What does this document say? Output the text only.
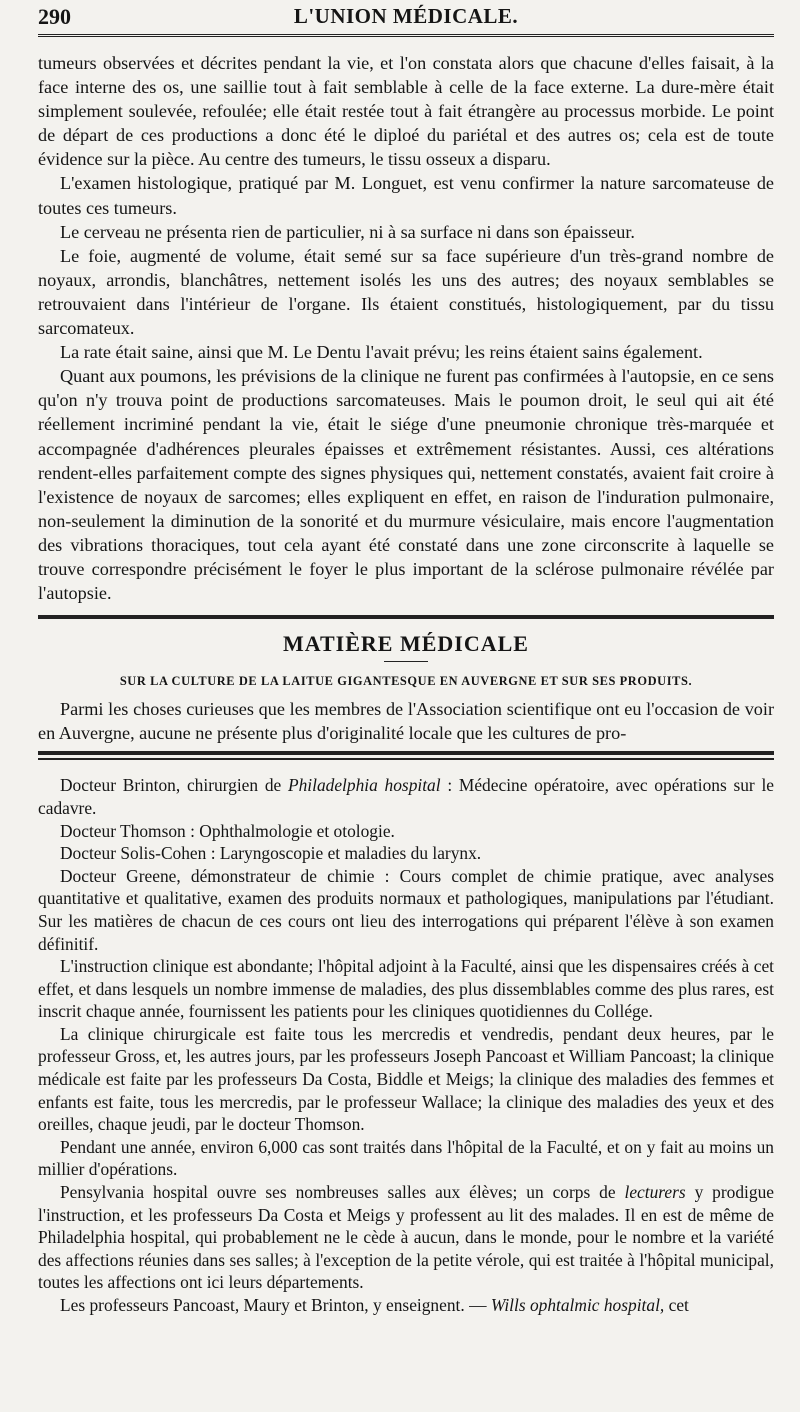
290	L'UNION MÉDICALE.

tumeurs observées et décrites pendant la vie, et l'on constata alors que chacune d'elles faisait, à la face interne des os, une saillie tout à fait semblable à celle de la face externe. La dure-mère était simplement soulevée, refoulée; elle était restée tout à fait étrangère au processus morbide. Le point de départ de ces productions a donc été le diploé du pariétal et des autres os; cela est de toute évidence sur la pièce. Au centre des tumeurs, le tissu osseux a disparu.

L'examen histologique, pratiqué par M. Longuet, est venu confirmer la nature sarcomateuse de toutes ces tumeurs.

Le cerveau ne présenta rien de particulier, ni à sa surface ni dans son épaisseur.

Le foie, augmenté de volume, était semé sur sa face supérieure d'un très-grand nombre de noyaux, arrondis, blanchâtres, nettement isolés les uns des autres; des noyaux semblables se retrouvaient dans l'intérieur de l'organe. Ils étaient constitués, histologiquement, par du tissu sarcomateux.

La rate était saine, ainsi que M. Le Dentu l'avait prévu; les reins étaient sains également.

Quant aux poumons, les prévisions de la clinique ne furent pas confirmées à l'autopsie, en ce sens qu'on n'y trouva point de productions sarcomateuses. Mais le poumon droit, le seul qui ait été réellement incriminé pendant la vie, était le siége d'une pneumonie chronique très-marquée et accompagnée d'adhérences pleurales épaisses et extrêmement résistantes. Aussi, ces altérations rendent-elles parfaitement compte des signes physiques qui, nettement constatés, avaient fait croire à l'existence de noyaux de sarcomes; elles expliquent en effet, en raison de l'induration pulmonaire, non-seulement la diminution de la sonorité et du murmure vésiculaire, mais encore l'augmentation des vibrations thoraciques, tout cela ayant été constaté dans une zone circonscrite à laquelle se trouve correspondre précisément le foyer le plus important de la sclérose pulmonaire révélée par l'autopsie.

MATIÈRE MÉDICALE
SUR LA CULTURE DE LA LAITUE GIGANTESQUE EN AUVERGNE ET SUR SES PRODUITS.

Parmi les choses curieuses que les membres de l'Association scientifique ont eu l'occasion de voir en Auvergne, aucune ne présente plus d'originalité locale que les cultures de pro-

Docteur Brinton, chirurgien de Philadelphia hospital : Médecine opératoire, avec opérations sur le cadavre.

Docteur Thomson : Ophthalmologie et otologie.

Docteur Solis-Cohen : Laryngoscopie et maladies du larynx.

Docteur Greene, démonstrateur de chimie : Cours complet de chimie pratique, avec analyses quantitative et qualitative, examen des produits normaux et pathologiques, manipulations par l'étudiant. Sur les matières de chacun de ces cours ont lieu des interrogations qui préparent l'élève à son examen définitif.

L'instruction clinique est abondante; l'hôpital adjoint à la Faculté, ainsi que les dispensaires créés à cet effet, et dans lesquels un nombre immense de maladies, des plus dissemblables comme des plus rares, est inscrit chaque année, fournissent les patients pour les cliniques quotidiennes du Collége.

La clinique chirurgicale est faite tous les mercredis et vendredis, pendant deux heures, par le professeur Gross, et, les autres jours, par les professeurs Joseph Pancoast et William Pancoast; la clinique médicale est faite par les professeurs Da Costa, Biddle et Meigs; la clinique des maladies des femmes et enfants est faite, tous les mercredis, par le professeur Wallace; la clinique des maladies des yeux et des oreilles, chaque jeudi, par le docteur Thomson.

Pendant une année, environ 6,000 cas sont traités dans l'hôpital de la Faculté, et on y fait au moins un millier d'opérations.

Pensylvania hospital ouvre ses nombreuses salles aux élèves; un corps de lecturers y prodigue l'instruction, et les professeurs Da Costa et Meigs y professent au lit des malades. Il en est de même de Philadelphia hospital, qui probablement ne le cède à aucun, dans le monde, pour le nombre et la variété des affections réunies dans ses salles; à l'exception de la petite vérole, qui est traitée à l'hôpital municipal, toutes les affections ont ici leurs départements.

Les professeurs Pancoast, Maury et Brinton, y enseignent. — Wills ophtalmic hospital, cet
